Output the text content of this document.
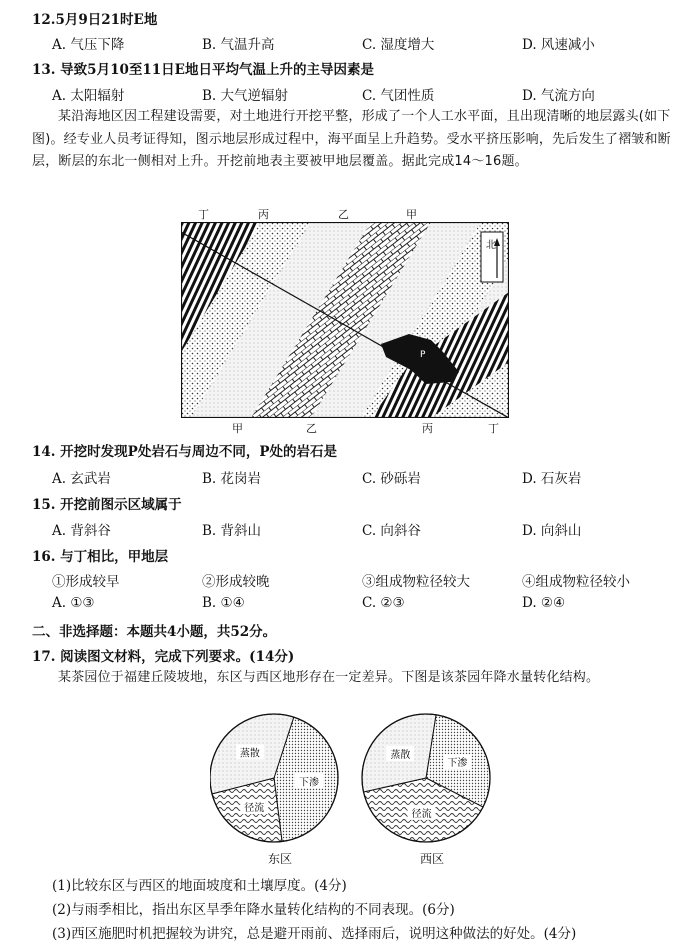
12.5月9日21时E地
A. 气压下降	B. 气温升高	C. 湿度增大	D. 风速减小
13. 导致5月10至11日E地日平均气温上升的主导因素是
A. 太阳辐射	B. 大气逆辐射	C. 气团性质	D. 气流方向
某沿海地区因工程建设需要，对土地进行开挖平整，形成了一个人工水平面，且出现清晰的地层露头(如下图)。经专业人员考证得知，图示地层形成过程中，海平面呈上升趋势。受水平挤压影响，先后发生了褶皱和断层，断层的东北一侧相对上升。开挖前地表主要被甲地层覆盖。据此完成14～16题。
丁	丙	乙	甲
北
P
甲	乙	丙	丁
14. 开挖时发现P处岩石与周边不同，P处的岩石是
A. 玄武岩	B. 花岗岩	C. 砂砾岩	D. 石灰岩
15. 开挖前图示区域属于
A. 背斜谷	B. 背斜山	C. 向斜谷	D. 向斜山
16. 与丁相比，甲地层
①形成较早	②形成较晚	③组成物粒径较大	④组成物粒径较小
A. ①③	B. ①④	C. ②③	D. ②④
二、非选择题：本题共4小题，共52分。
17. 阅读图文材料，完成下列要求。(14分)
某茶园位于福建丘陵坡地，东区与西区地形存在一定差异。下图是该茶园年降水量转化结构。
下渗
径流
蒸散
下渗
径流
蒸散
东区	西区
(1)比较东区与西区的地面坡度和土壤厚度。(4分)
(2)与雨季相比，指出东区旱季年降水量转化结构的不同表现。(6分)
(3)西区施肥时机把握较为讲究，总是避开雨前、选择雨后，说明这种做法的好处。(4分)
